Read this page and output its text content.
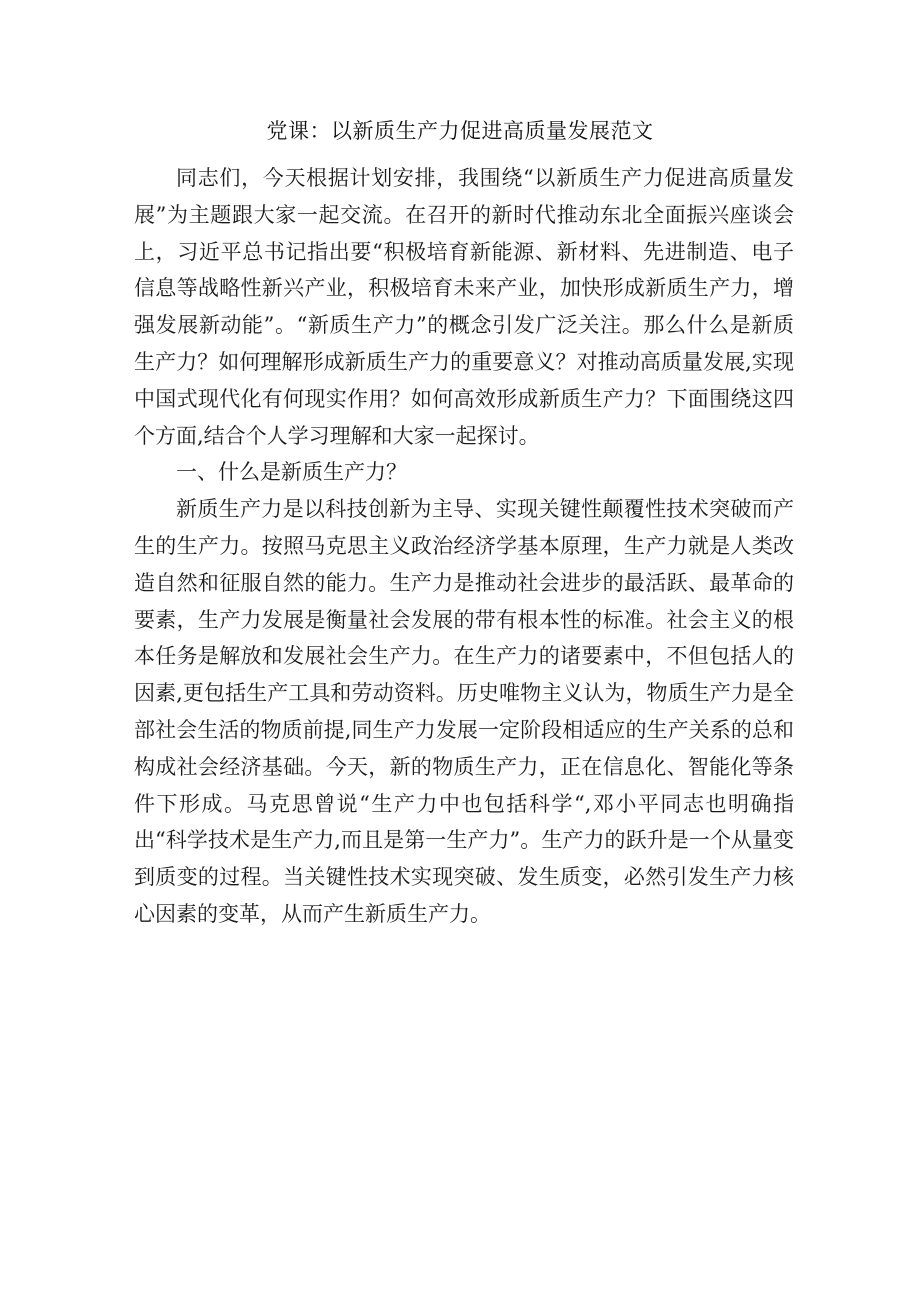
党课：以新质生产力促进高质量发展范文

同志们，今天根据计划安排，我围绕“以新质生产力促进高质量发展”为主题跟大家一起交流。在召开的新时代推动东北全面振兴座谈会上，习近平总书记指出要“积极培育新能源、新材料、先进制造、电子信息等战略性新兴产业，积极培育未来产业，加快形成新质生产力，增强发展新动能”。“新质生产力”的概念引发广泛关注。那么什么是新质生产力？如何理解形成新质生产力的重要意义？对推动高质量发展,实现中国式现代化有何现实作用？如何高效形成新质生产力？下面围绕这四个方面,结合个人学习理解和大家一起探讨。

一、什么是新质生产力？

新质生产力是以科技创新为主导、实现关键性颠覆性技术突破而产生的生产力。按照马克思主义政治经济学基本原理，生产力就是人类改造自然和征服自然的能力。生产力是推动社会进步的最活跃、最革命的要素，生产力发展是衡量社会发展的带有根本性的标准。社会主义的根本任务是解放和发展社会生产力。在生产力的诸要素中，不但包括人的因素,更包括生产工具和劳动资料。历史唯物主义认为，物质生产力是全部社会生活的物质前提,同生产力发展一定阶段相适应的生产关系的总和构成社会经济基础。今天，新的物质生产力，正在信息化、智能化等条件下形成。马克思曾说“生产力中也包括科学“,邓小平同志也明确指出“科学技术是生产力,而且是第一生产力”。生产力的跃升是一个从量变到质变的过程。当关键性技术实现突破、发生质变，必然引发生产力核心因素的变革，从而产生新质生产力。
